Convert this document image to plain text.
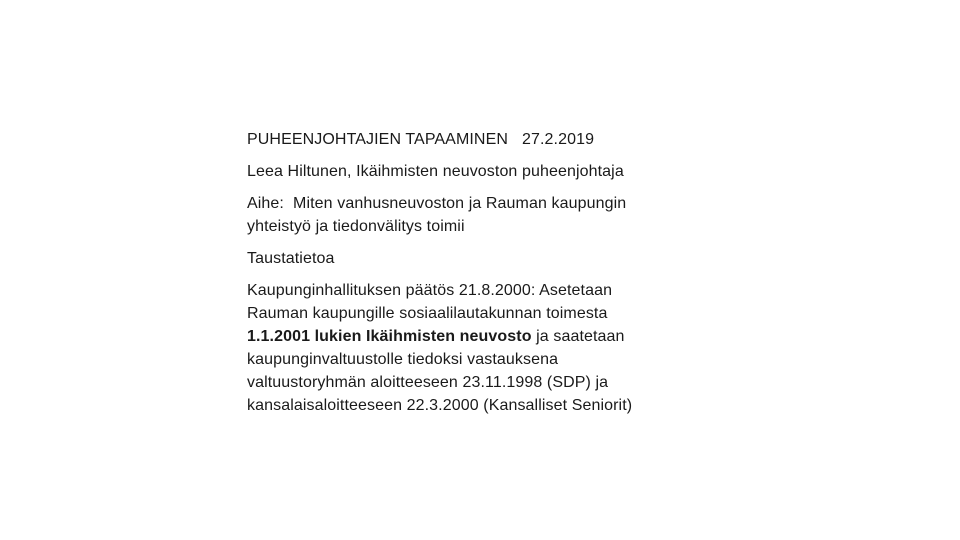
PUHEENJOHTAJIEN TAPAAMINEN 27.2.2019

Leea Hiltunen, Ikäihmisten neuvoston puheenjohtaja

Aihe:  Miten vanhusneuvoston ja Rauman kaupungin
yhteistyö ja tiedonvälitys toimii

Taustatietoa

Kaupunginhallituksen päätös 21.8.2000: Asetetaan
Rauman kaupungille sosiaalilautakunnan toimesta
1.1.2001 lukien Ikäihmisten neuvosto ja saatetaan
kaupunginvaltuustolle tiedoksi vastauksena
valtuustoryhmän aloitteeseen 23.11.1998 (SDP) ja
kansalaisaloitteeseen 22.3.2000 (Kansalliset Seniorit)
